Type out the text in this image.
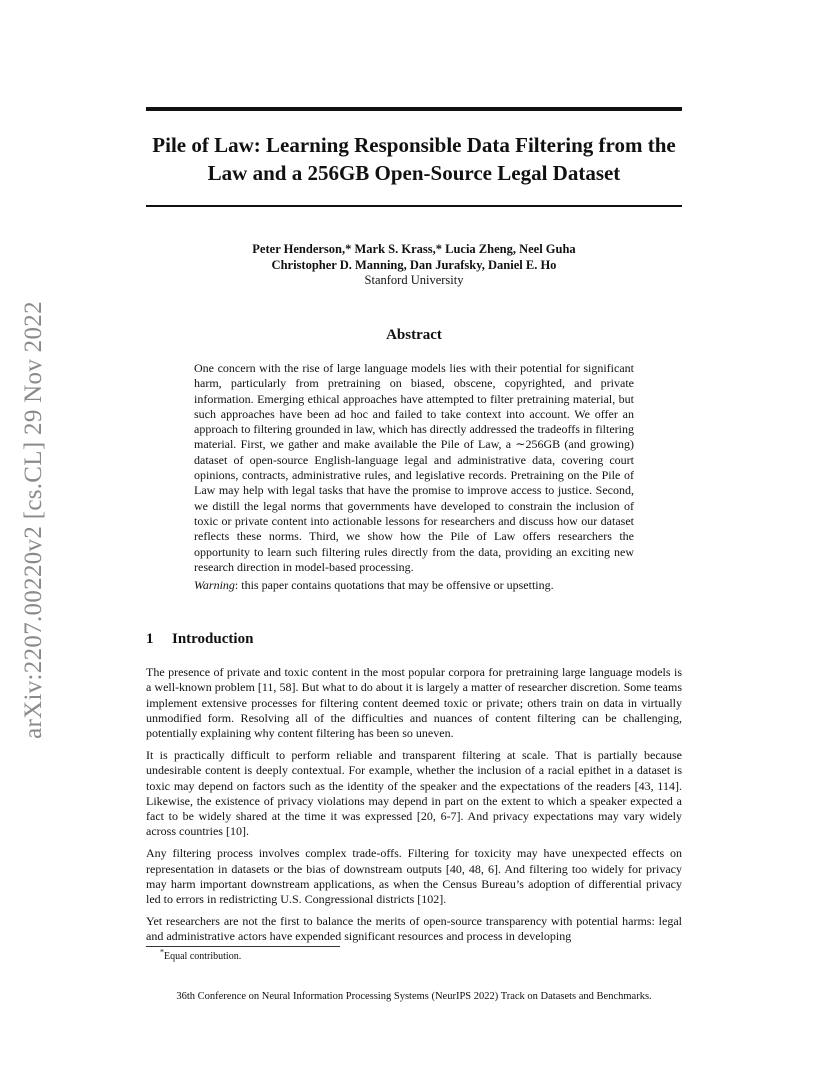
arXiv:2207.00220v2 [cs.CL] 29 Nov 2022
Pile of Law: Learning Responsible Data Filtering from the Law and a 256GB Open-Source Legal Dataset
Peter Henderson,* Mark S. Krass,* Lucia Zheng, Neel Guha
Christopher D. Manning, Dan Jurafsky, Daniel E. Ho
Stanford University
Abstract

One concern with the rise of large language models lies with their potential for significant harm, particularly from pretraining on biased, obscene, copyrighted, and private information. Emerging ethical approaches have attempted to filter pretraining material, but such approaches have been ad hoc and failed to take context into account. We offer an approach to filtering grounded in law, which has directly addressed the tradeoffs in filtering material. First, we gather and make available the Pile of Law, a ∼256GB (and growing) dataset of open-source English-language legal and administrative data, covering court opinions, contracts, administrative rules, and legislative records. Pretraining on the Pile of Law may help with legal tasks that have the promise to improve access to justice. Second, we distill the legal norms that governments have developed to constrain the inclusion of toxic or private content into actionable lessons for researchers and discuss how our dataset reflects these norms. Third, we show how the Pile of Law offers researchers the opportunity to learn such filtering rules directly from the data, providing an exciting new research direction in model-based processing.

Warning: this paper contains quotations that may be offensive or upsetting.

1 Introduction

The presence of private and toxic content in the most popular corpora for pretraining large language models is a well-known problem [11, 58]. But what to do about it is largely a matter of researcher discretion. Some teams implement extensive processes for filtering content deemed toxic or private; others train on data in virtually unmodified form. Resolving all of the difficulties and nuances of content filtering can be challenging, potentially explaining why content filtering has been so uneven.

It is practically difficult to perform reliable and transparent filtering at scale. That is partially because undesirable content is deeply contextual. For example, whether the inclusion of a racial epithet in a dataset is toxic may depend on factors such as the identity of the speaker and the expectations of the readers [43, 114]. Likewise, the existence of privacy violations may depend in part on the extent to which a speaker expected a fact to be widely shared at the time it was expressed [20, 6-7]. And privacy expectations may vary widely across countries [10].

Any filtering process involves complex trade-offs. Filtering for toxicity may have unexpected effects on representation in datasets or the bias of downstream outputs [40, 48, 6]. And filtering too widely for privacy may harm important downstream applications, as when the Census Bureau’s adoption of differential privacy led to errors in redistricting U.S. Congressional districts [102].

Yet researchers are not the first to balance the merits of open-source transparency with potential harms: legal and administrative actors have expended significant resources and process in developing

*Equal contribution.
36th Conference on Neural Information Processing Systems (NeurIPS 2022) Track on Datasets and Benchmarks.
